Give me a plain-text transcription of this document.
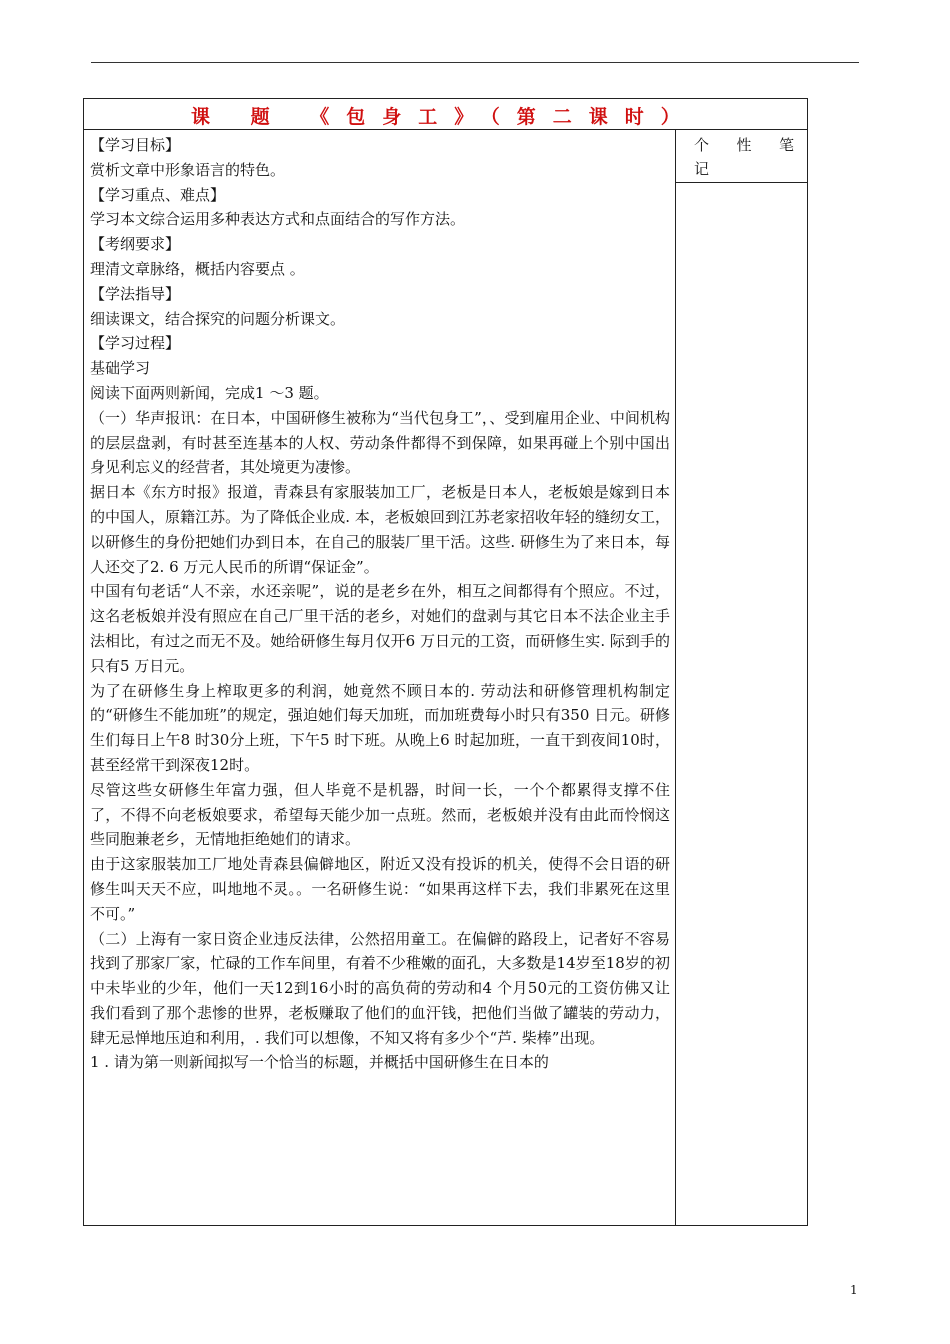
课 题 《包身工》（第二课时）

【学习目标】

赏析文章中形象语言的特色。

【学习重点、难点】

学习本文综合运用多种表达方式和点面结合的写作方法。

【考纲要求】

理清文章脉络，概括内容要点 。

【学法指导】

细读课文，结合探究的问题分析课文。

【学习过程】

基础学习

阅读下面两则新闻，完成1 ～3 题。

（一）华声报讯：在日本，中国研修生被称为“当代包身工”，、受到雇用企业、中间机构的层层盘剥，有时甚至连基本的人权、劳动条件都得不到保障，如果再碰上个别中国出身见利忘义的经营者，其处境更为凄惨。

据日本《东方时报》报道，青森县有家服装加工厂，老板是日本人，老板娘是嫁到日本的中国人，原籍江苏。为了降低企业成. 本，老板娘回到江苏老家招收年轻的缝纫女工，以研修生的身份把她们办到日本，在自己的服装厂里干活。这些. 研修生为了来日本，每人还交了2. 6 万元人民币的所谓“保证金”。

中国有句老话“人不亲，水还亲呢”，说的是老乡在外，相互之间都得有个照应。不过，这名老板娘并没有照应在自己厂里干活的老乡，对她们的盘剥与其它日本不法企业主手法相比，有过之而无不及。她给研修生每月仅开6 万日元的工资，而研修生实. 际到手的只有5 万日元。

为了在研修生身上榨取更多的利润，她竟然不顾日本的. 劳动法和研修管理机构制定的“研修生不能加班”的规定，强迫她们每天加班，而加班费每小时只有350 日元。研修生们每日上午8 时30分上班，下午5 时下班。从晚上6 时起加班，一直干到夜间10时，甚至经常干到深夜12时。

尽管这些女研修生年富力强，但人毕竟不是机器，时间一长，一个个都累得支撑不住了，不得不向老板娘要求，希望每天能少加一点班。然而，老板娘并没有由此而怜悯这些同胞兼老乡，无情地拒绝她们的请求。

由于这家服装加工厂地处青森县偏僻地区，附近又没有投诉的机关，使得不会日语的研修生叫天天不应，叫地地不灵。。一名研修生说：“如果再这样下去，我们非累死在这里不可。”

（二）上海有一家日资企业违反法律，公然招用童工。在偏僻的路段上，记者好不容易找到了那家厂家，忙碌的工作车间里，有着不少稚嫩的面孔，大多数是14岁至18岁的初中未毕业的少年，他们一天12到16小时的高负荷的劳动和4 个月50元的工资仿佛又让我们看到了那个悲惨的世界，老板赚取了他们的血汗钱，把他们当做了罐装的劳动力，肆无忌惮地压迫和利用，. 我们可以想像，不知又将有多少个“芦. 柴棒”出现。

1 . 请为第一则新闻拟写一个恰当的标题，并概括中国研修生在日本的

个 性 笔
记
1
